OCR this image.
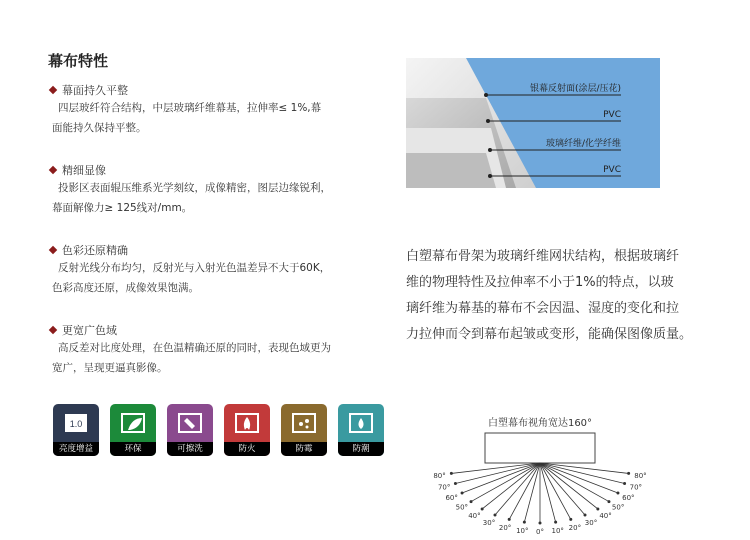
幕布特性
幕面持久平整
四层玻纤符合结构，中层玻璃纤维幕基，拉伸率≤ 1%,幕
面能持久保持平整。
精细显像
投影区表面辊压维系光学刻纹，成像精密，图层边缘锐利，
幕面解像力≥ 125线对/mm。
色彩还原精确
反射光线分布均匀，反射光与入射光色温差异不大于60K，
色彩高度还原，成像效果饱满。
更宽广色域
高反差对比度处理，在色温精确还原的同时，表现色域更为
宽广，呈现更逼真影像。
1.0
亮度增益	环保	可擦洗	防火	防霉	防潮
银幕反射面(涂层/压花)
PVC
玻璃纤维/化学纤维
PVC
白塑幕布骨架为玻璃纤维网状结构，根据玻璃纤
维的物理特性及拉伸率不小于1%的特点，以玻
璃纤维为幕基的幕布不会因温、湿度的变化和拉
力拉伸而令到幕布起皱或变形，能确保图像质量。
白塑幕布视角宽达160°
80°
70°
60°
50°
40°
30°
20° 10° 0° 10° 20°
30°
40°
50°
60°
70°
80°
